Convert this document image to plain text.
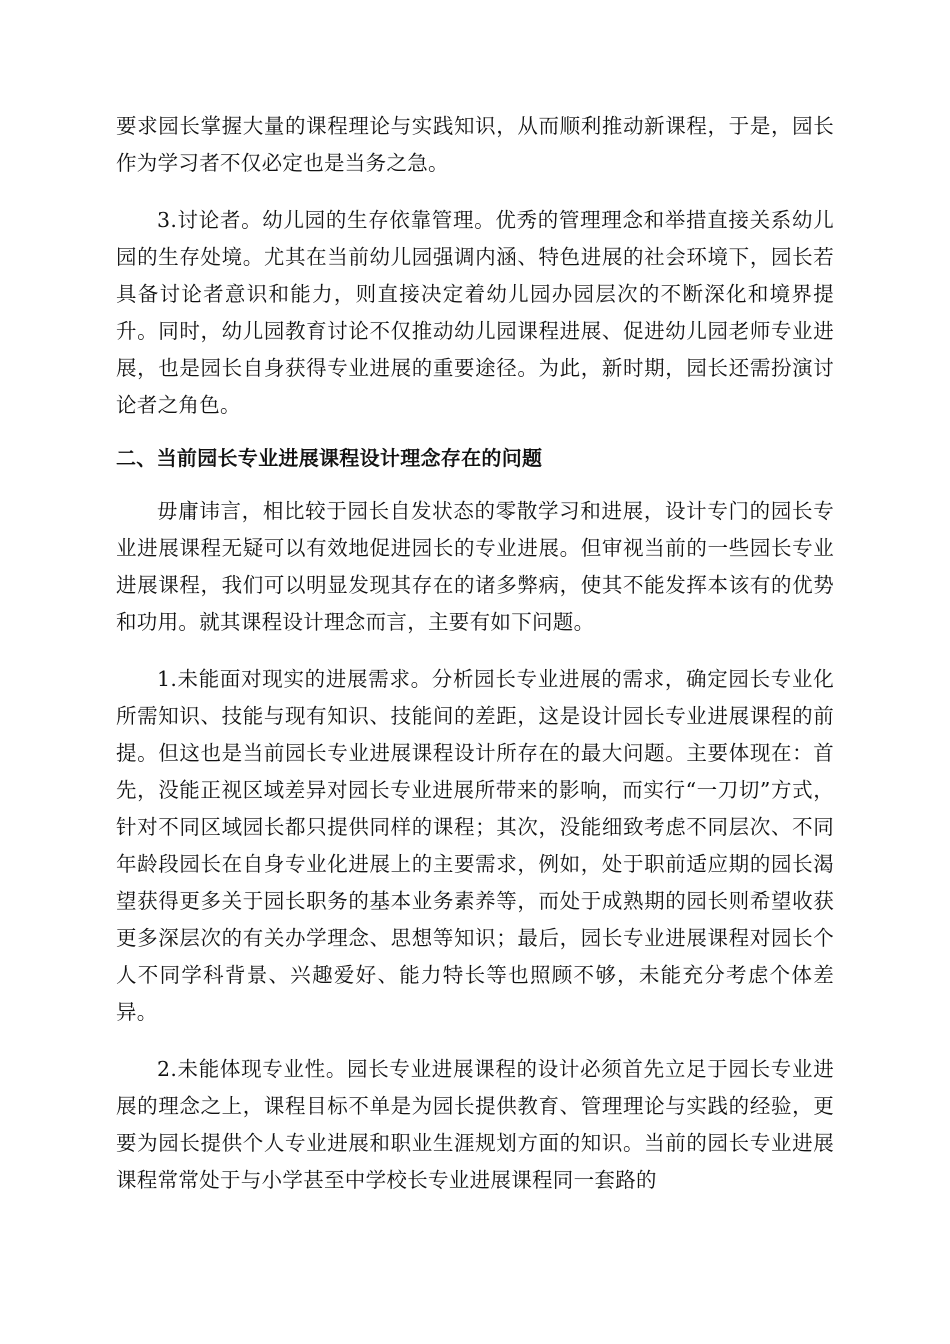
要求园长掌握大量的课程理论与实践知识，从而顺利推动新课程，于是，园长作为学习者不仅必定也是当务之急。

3.讨论者。幼儿园的生存依靠管理。优秀的管理理念和举措直接关系幼儿园的生存处境。尤其在当前幼儿园强调内涵、特色进展的社会环境下，园长若具备讨论者意识和能力，则直接决定着幼儿园办园层次的不断深化和境界提升。同时，幼儿园教育讨论不仅推动幼儿园课程进展、促进幼儿园老师专业进展，也是园长自身获得专业进展的重要途径。为此，新时期，园长还需扮演讨论者之角色。

二、当前园长专业进展课程设计理念存在的问题

毋庸讳言，相比较于园长自发状态的零散学习和进展，设计专门的园长专业进展课程无疑可以有效地促进园长的专业进展。但审视当前的一些园长专业进展课程，我们可以明显发现其存在的诸多弊病，使其不能发挥本该有的优势和功用。就其课程设计理念而言，主要有如下问题。

1.未能面对现实的进展需求。分析园长专业进展的需求，确定园长专业化所需知识、技能与现有知识、技能间的差距，这是设计园长专业进展课程的前提。但这也是当前园长专业进展课程设计所存在的最大问题。主要体现在：首先，没能正视区域差异对园长专业进展所带来的影响，而实行“一刀切”方式，针对不同区域园长都只提供同样的课程；其次，没能细致考虑不同层次、不同年龄段园长在自身专业化进展上的主要需求，例如，处于职前适应期的园长渴望获得更多关于园长职务的基本业务素养等，而处于成熟期的园长则希望收获更多深层次的有关办学理念、思想等知识；最后，园长专业进展课程对园长个人不同学科背景、兴趣爱好、能力特长等也照顾不够，未能充分考虑个体差异。

2.未能体现专业性。园长专业进展课程的设计必须首先立足于园长专业进展的理念之上，课程目标不单是为园长提供教育、管理理论与实践的经验，更要为园长提供个人专业进展和职业生涯规划方面的知识。当前的园长专业进展课程常常处于与小学甚至中学校长专业进展课程同一套路的
